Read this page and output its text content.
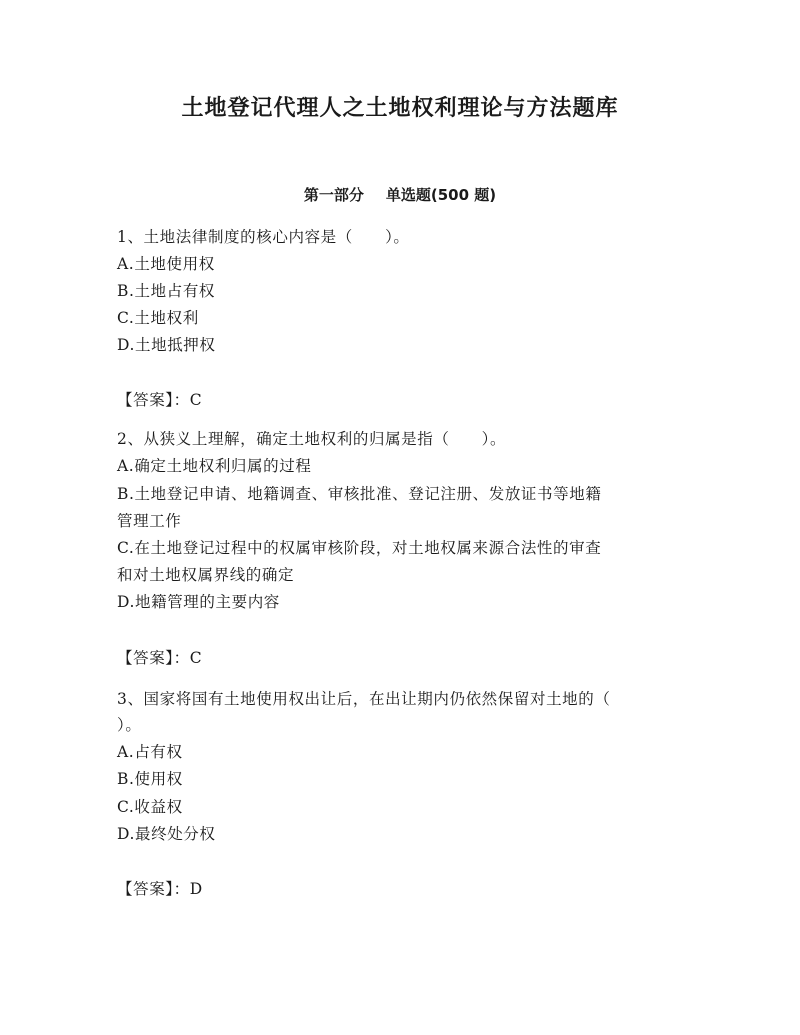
土地登记代理人之土地权利理论与方法题库
第一部分 单选题(500 题)
1、土地法律制度的核心内容是（　　）。
A.土地使用权
B.土地占有权
C.土地权利
D.土地抵押权
【答案】：C
2、从狭义上理解，确定土地权利的归属是指（　　）。
A.确定土地权利归属的过程
B.土地登记申请、地籍调查、审核批准、登记注册、发放证书等地籍
管理工作
C.在土地登记过程中的权属审核阶段，对土地权属来源合法性的审查
和对土地权属界线的确定
D.地籍管理的主要内容
【答案】：C
3、国家将国有土地使用权出让后，在出让期内仍依然保留对土地的（
）。
A.占有权
B.使用权
C.收益权
D.最终处分权
【答案】：D
